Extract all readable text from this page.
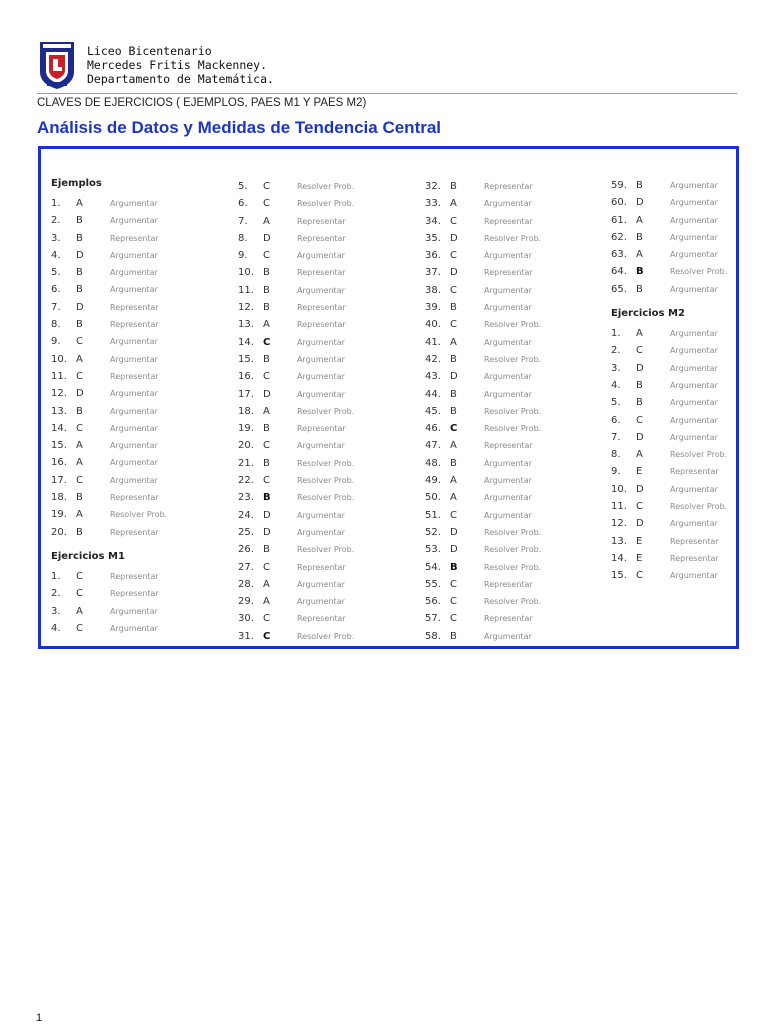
Liceo Bicentenario
Mercedes Fritis Mackenney.
Departamento de Matemática.
CLAVES DE EJERCICIOS ( EJEMPLOS, PAES M1 Y PAES M2)
Análisis de Datos y Medidas de Tendencia Central
Ejemplos
1. A	Argumentar
2. B	Argumentar
3. B	Representar
4. D	Argumentar
5. B	Argumentar
6. B	Argumentar
7. D	Representar
8. B	Representar
9. C	Argumentar
10. A	Argumentar
11. C	Representar
12. D	Argumentar
13. B	Argumentar
14. C	Argumentar
15. A	Argumentar
16. A	Argumentar
17. C	Argumentar
18. B	Representar
19. A	Resolver Prob.
20. B	Representar
Ejercicios M1
1. C	Representar
2. C	Representar
3. A	Argumentar
4. C	Argumentar
5. C	Resolver Prob.
6. C	Resolver Prob.
7. A	Representar
8. D	Representar
9. C	Argumentar
10. B	Representar
11. B	Argumentar
12. B	Representar
13. A	Representar
14. C	Argumentar
15. B	Argumentar
16. C	Argumentar
17. D	Argumentar
18. A	Resolver Prob.
19. B	Representar
20. C	Argumentar
21. B	Resolver Prob.
22. C	Resolver Prob.
23. B	Resolver Prob.
24. D	Argumentar
25. D	Argumentar
26. B	Resolver Prob.
27. C	Representar
28. A	Argumentar
29. A	Argumentar
30. C	Representar
31. C	Resolver Prob.
32. B	Representar
33. A	Argumentar
34. C	Representar
35. D	Resolver Prob.
36. C	Argumentar
37. D	Representar
38. C	Argumentar
39. B	Argumentar
40. C	Resolver Prob.
41. A	Argumentar
42. B	Resolver Prob.
43. D	Argumentar
44. B	Argumentar
45. B	Resolver Prob.
46. C	Resolver Prob.
47. A	Representar
48. B	Argumentar
49. A	Argumentar
50. A	Argumentar
51. C	Argumentar
52. D	Resolver Prob.
53. D	Resolver Prob.
54. B	Resolver Prob.
55. C	Representar
56. C	Resolver Prob.
57. C	Representar
58. B	Argumentar
59. B	Argumentar
60. D	Argumentar
61. A	Argumentar
62. B	Argumentar
63. A	Argumentar
64. B	Resolver Prob.
65. B	Argumentar
Ejercicios M2
1. A	Argumentar
2. C	Argumentar
3. D	Argumentar
4. B	Argumentar
5. B	Argumentar
6. C	Argumentar
7. D	Argumentar
8. A	Resolver Prob.
9. E	Representar
10. D	Argumentar
11. C	Resolver Prob.
12. D	Argumentar
13. E	Representar
14. E	Representar
15. C	Argumentar
1
